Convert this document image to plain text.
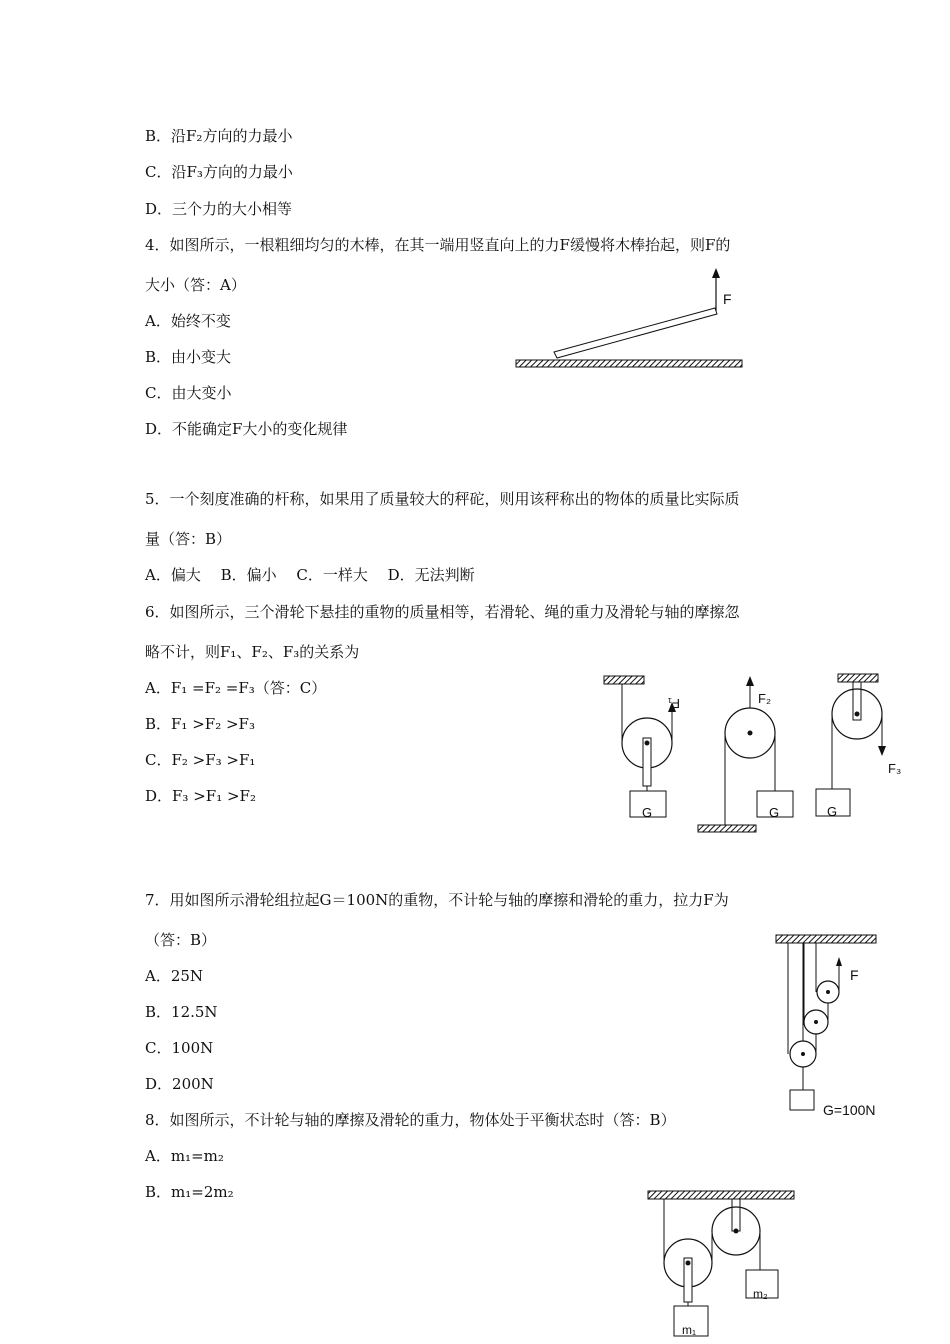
B．沿F₂方向的力最小
C．沿F₃方向的力最小
D．三个力的大小相等
4．如图所示，一根粗细均匀的木棒，在其一端用竖直向上的力F缓慢将木棒抬起，则F的
大小（答：A）
A．始终不变
B．由小变大
C．由大变小
D．不能确定F大小的变化规律
5．一个刻度准确的杆称，如果用了质量较大的秤砣，则用该秤称出的物体的质量比实际质
量（答：B）
A．偏大　 B．偏小　 C．一样大　 D．无法判断
6．如图所示，三个滑轮下悬挂的重物的质量相等，若滑轮、绳的重力及滑轮与轴的摩擦忽
略不计，则F₁、F₂、F₃的关系为
A．F₁ =F₂ =F₃（答：C）
B．F₁ >F₂ >F₃
C．F₂ >F₃ >F₁
D．F₃ >F₁ >F₂
7．用如图所示滑轮组拉起G＝100N的重物，不计轮与轴的摩擦和滑轮的重力，拉力F为
（答：B）
A．25N
B．12.5N
C．100N
D．200N
8．如图所示，不计轮与轴的摩擦及滑轮的重力，物体处于平衡状态时（答：B）
A．m₁=m₂
B．m₁=2m₂
F
F₁
G
F₂
G
F₃
G
F
G=100N
m₂
m₁
